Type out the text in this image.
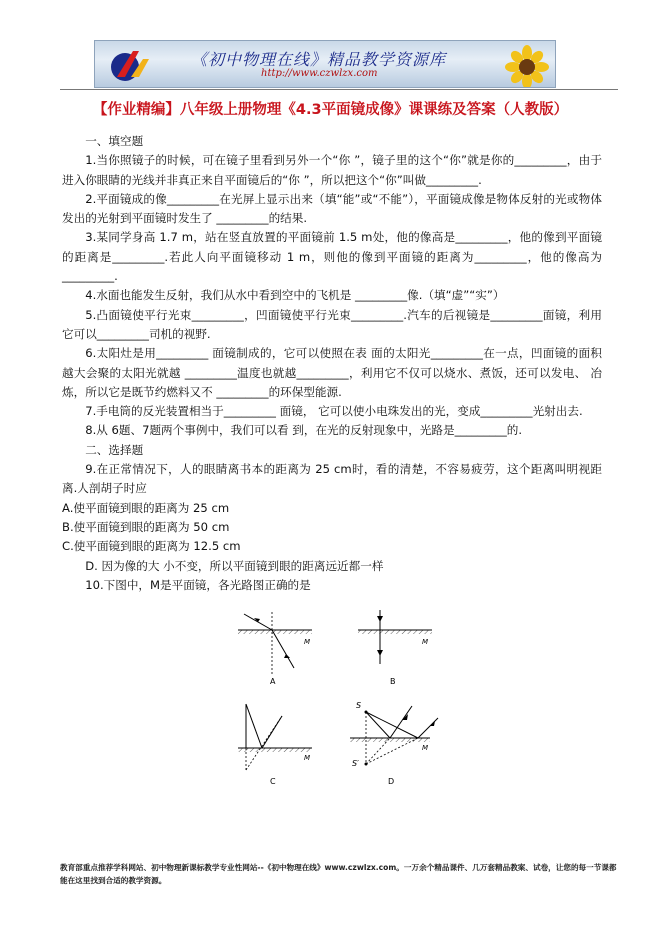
《初中物理在线》精品教学资源库
http://www.czwlzx.com
【作业精编】八年级上册物理《4.3平面镜成像》课课练及答案（人教版）

一、填空题

1.当你照镜子的时候，可在镜子里看到另外一个“你 ”，镜子里的这个“你”就是你的_________，由于进入你眼睛的光线并非真正来自平面镜后的“你 ”，所以把这个“你”叫做_________.

2.平面镜成的像_________在光屏上显示出来（填“能”或“不能”），平面镜成像是物体反射的光或物体发出的光射到平面镜时发生了 _________的结果.

3.某同学身高 1.7 m，站在竖直放置的平面镜前 1.5 m处，他的像高是_________，他的像到平面镜的距离是_________.若此人向平面镜移动 1 m，则他的像到平面镜的距离为_________，他的像高为_________.

4.水面也能发生反射，我们从水中看到空中的飞机是 _________像.（填“虚”“实”）

5.凸面镜使平行光束_________，凹面镜使平行光束_________.汽车的后视镜是_________面镜，利用它可以_________司机的视野.

6.太阳灶是用_________ 面镜制成的，它可以使照在表 面的太阳光_________在一点，凹面镜的面积越大会聚的太阳光就越 _________温度也就越_________，利用它不仅可以烧水、煮饭，还可以发电、 冶炼，所以它是既节约燃料又不 _________的环保型能源.

7.手电筒的反光装置相当于_________ 面镜， 它可以使小电珠发出的光，变成_________光射出去.

8.从 6题、7题两个事例中，我们可以看 到，在光的反射现象中，光路是_________的.

二、选择题

9.在正常情况下，人的眼睛离书本的距离为 25 cm时，看的清楚，不容易疲劳，这个距离叫明视距离.人剖胡子时应

A.使平面镜到眼的距离为 25 cm

B.使平面镜到眼的距离为 50 cm

C.使平面镜到眼的距离为 12.5 cm

D. 因为像的大 小不变，所以平面镜到眼的距离远近都一样

10.下图中，M是平面镜，各光路图正确的是

M
A
M
B
M
C
S
S′
M
D
教育部重点推荐学科网站、初中物理新课标教学专业性网站--《初中物理在线》www.czwlzx.com。一万余个精品课件、几万套精品教案、试卷，让您的每一节课都能在这里找到合适的教学资源。
